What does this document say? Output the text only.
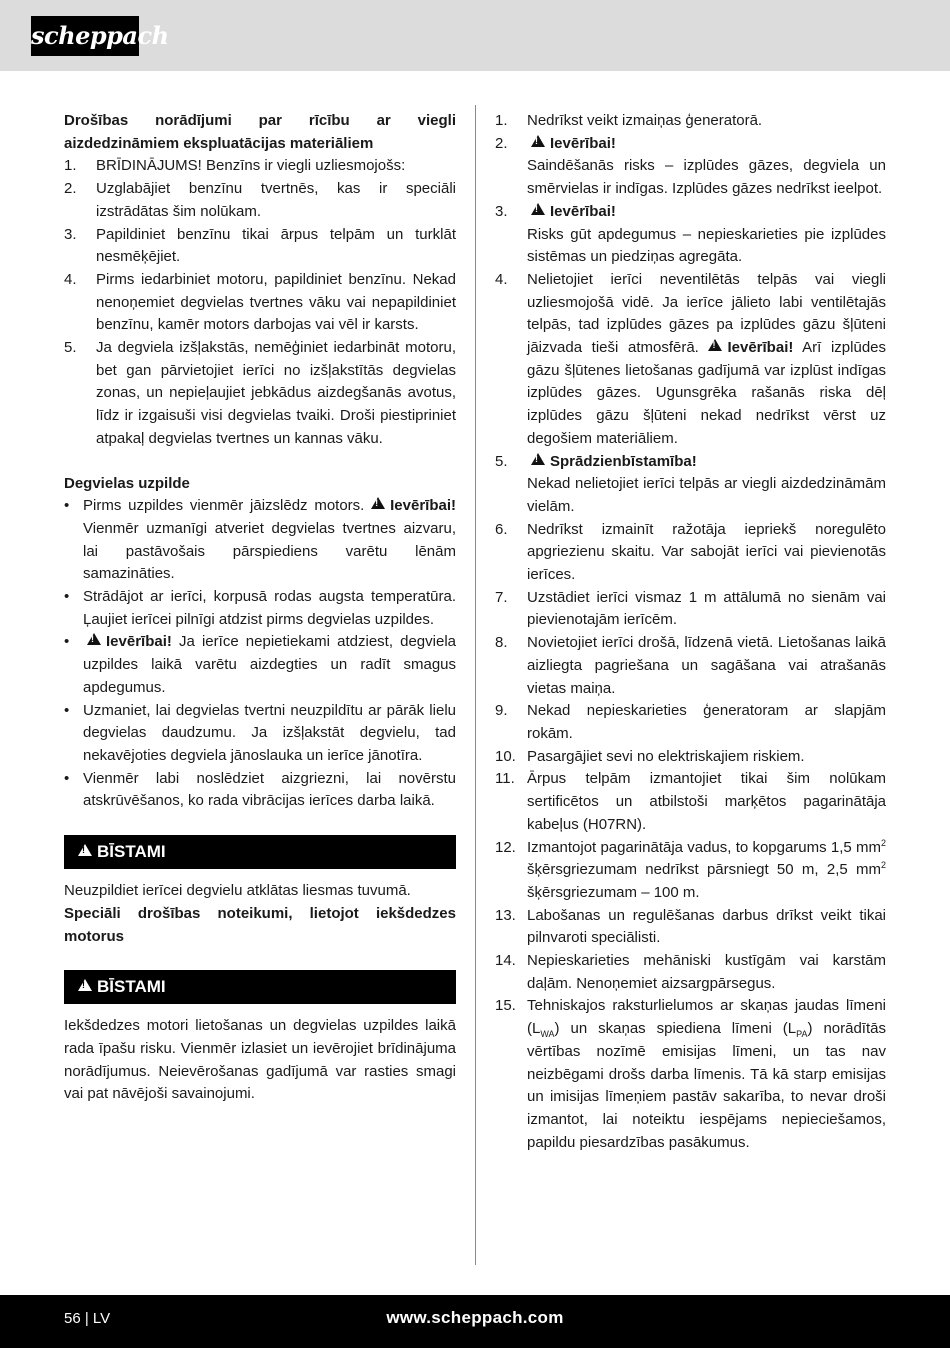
scheppach
Drošības norādījumi par rīcību ar viegli aizdedzināmiem ekspluatācijas materiāliem
1.	BRĪDINĀJUMS! Benzīns ir viegli uzliesmojošs:
2.	Uzglabājiet benzīnu tvertnēs, kas ir speciāli izstrādātas šim nolūkam.
3.	Papildiniet benzīnu tikai ārpus telpām un turklāt nesmēķējiet.
4.	Pirms iedarbiniet motoru, papildiniet benzīnu. Nekad nenoņemiet degvielas tvertnes vāku vai nepapildiniet benzīnu, kamēr motors darbojas vai vēl ir karsts.
5.	Ja degviela izšļakstās, nemēģiniet iedarbināt motoru, bet gan pārvietojiet ierīci no izšļakstītās degvielas zonas, un nepieļaujiet jebkādus aizdegšanās avotus, līdz ir izgaisuši visi degvielas tvaiki. Droši piestipriniet atpakaļ degvielas tvertnes un kannas vāku.
Degvielas uzpilde
• Pirms uzpildes vienmēr jāizslēdz motors. !Ievērībai! Vienmēr uzmanīgi atveriet degvielas tvertnes aizvaru, lai pastāvošais pārspiediens varētu lēnām samazināties.
• Strādājot ar ierīci, korpusā rodas augsta temperatūra. Ļaujiet ierīcei pilnīgi atdzist pirms degvielas uzpildes.
• ! Ievērībai! Ja ierīce nepietiekami atdziest, degviela uzpildes laikā varētu aizdegties un radīt smagus apdegumus.
• Uzmaniet, lai degvielas tvertni neuzpildītu ar pārāk lielu degvielas daudzumu. Ja izšļakstāt degvielu, tad nekavējoties degviela jānoslauka un ierīce jānotīra.
• Vienmēr labi noslēdziet aizgriezni, lai novērstu atskrūvēšanos, ko rada vibrācijas ierīces darba laikā.
!BĪSTAMI
Neuzpildiet ierīcei degvielu atklātas liesmas tuvumā.
Speciāli drošības noteikumi, lietojot iekšdedzes motorus
!BĪSTAMI
Iekšdedzes motori lietošanas un degvielas uzpildes laikā rada īpašu risku. Vienmēr izlasiet un ievērojiet brīdinājuma norādījumus. Neievērošanas gadījumā var rasties smagi vai pat nāvējoši savainojumi.
1. Nedrīkst veikt izmaiņas ģeneratorā.
2. !	Ievērībai!
Saindēšanās risks – izplūdes gāzes, degviela un smērvielas ir indīgas. Izplūdes gāzes nedrīkst ieelpot.
3. !	Ievērībai!
Risks gūt apdegumus – nepieskarieties pie izplūdes sistēmas un piedziņas agregāta.
4. Nelietojiet ierīci neventilētās telpās vai viegli uzliesmojošā vidē. Ja ierīce jālieto labi ventilētajās telpās, tad izplūdes gāzes pa izplūdes gāzu šļūteni jāizvada tieši atmosfērā. !Ievērībai! Arī izplūdes gāzu šļūtenes lietošanas gadījumā var izplūst indīgas izplūdes gāzes. Ugunsgrēka rašanās riska dēļ izplūdes gāzu šļūteni nekad nedrīkst vērst uz degošiem materiāliem.
5. !	Sprādzienbīstamība!
Nekad nelietojiet ierīci telpās ar viegli aizdedzināmām vielām.
6. Nedrīkst izmainīt ražotāja iepriekš noregulēto apgriezienu skaitu. Var sabojāt ierīci vai pievienotās ierīces.
7. Uzstādiet ierīci vismaz 1 m attālumā no sienām vai pievienotajām ierīcēm.
8. Novietojiet ierīci drošā, līdzenā vietā. Lietošanas laikā aizliegta pagriešana un sagāšana vai atrašanās vietas maiņa.
9. Nekad nepieskarieties ģeneratoram ar slapjām rokām.
10. Pasargājiet sevi no elektriskajiem riskiem.
11. Ārpus telpām izmantojiet tikai šim nolūkam sertificētos un atbilstoši marķētos pagarinātāja kabeļus (H07RN).
12. Izmantojot pagarinātāja vadus, to kopgarums 1,5 $mm^2$ šķērsgriezumam nedrīkst pārsniegt 50 m, 2,5 $mm^2$ šķērsgriezumam – 100 m.
13. Labošanas un regulēšanas darbus drīkst veikt tikai pilnvaroti speciālisti.
14. Nepieskarieties mehāniski kustīgām vai karstām daļām. Nenoņemiet aizsargpārsegus.
15. Tehniskajos raksturlielumos ar skaņas jaudas līmeni $(L_{WA})$ un skaņas spiediena līmeni $(L_{PA})$ norādītās vērtības nozīmē emisijas līmeni, un tas nav neizbēgami drošs darba līmenis. Tā kā starp emisijas un imisijas līmeņiem pastāv sakarība, to nevar droši izmantot, lai noteiktu iespējams nepieciešamos, papildu piesardzības pasākumus.
56 | LV	www.scheppach.com
